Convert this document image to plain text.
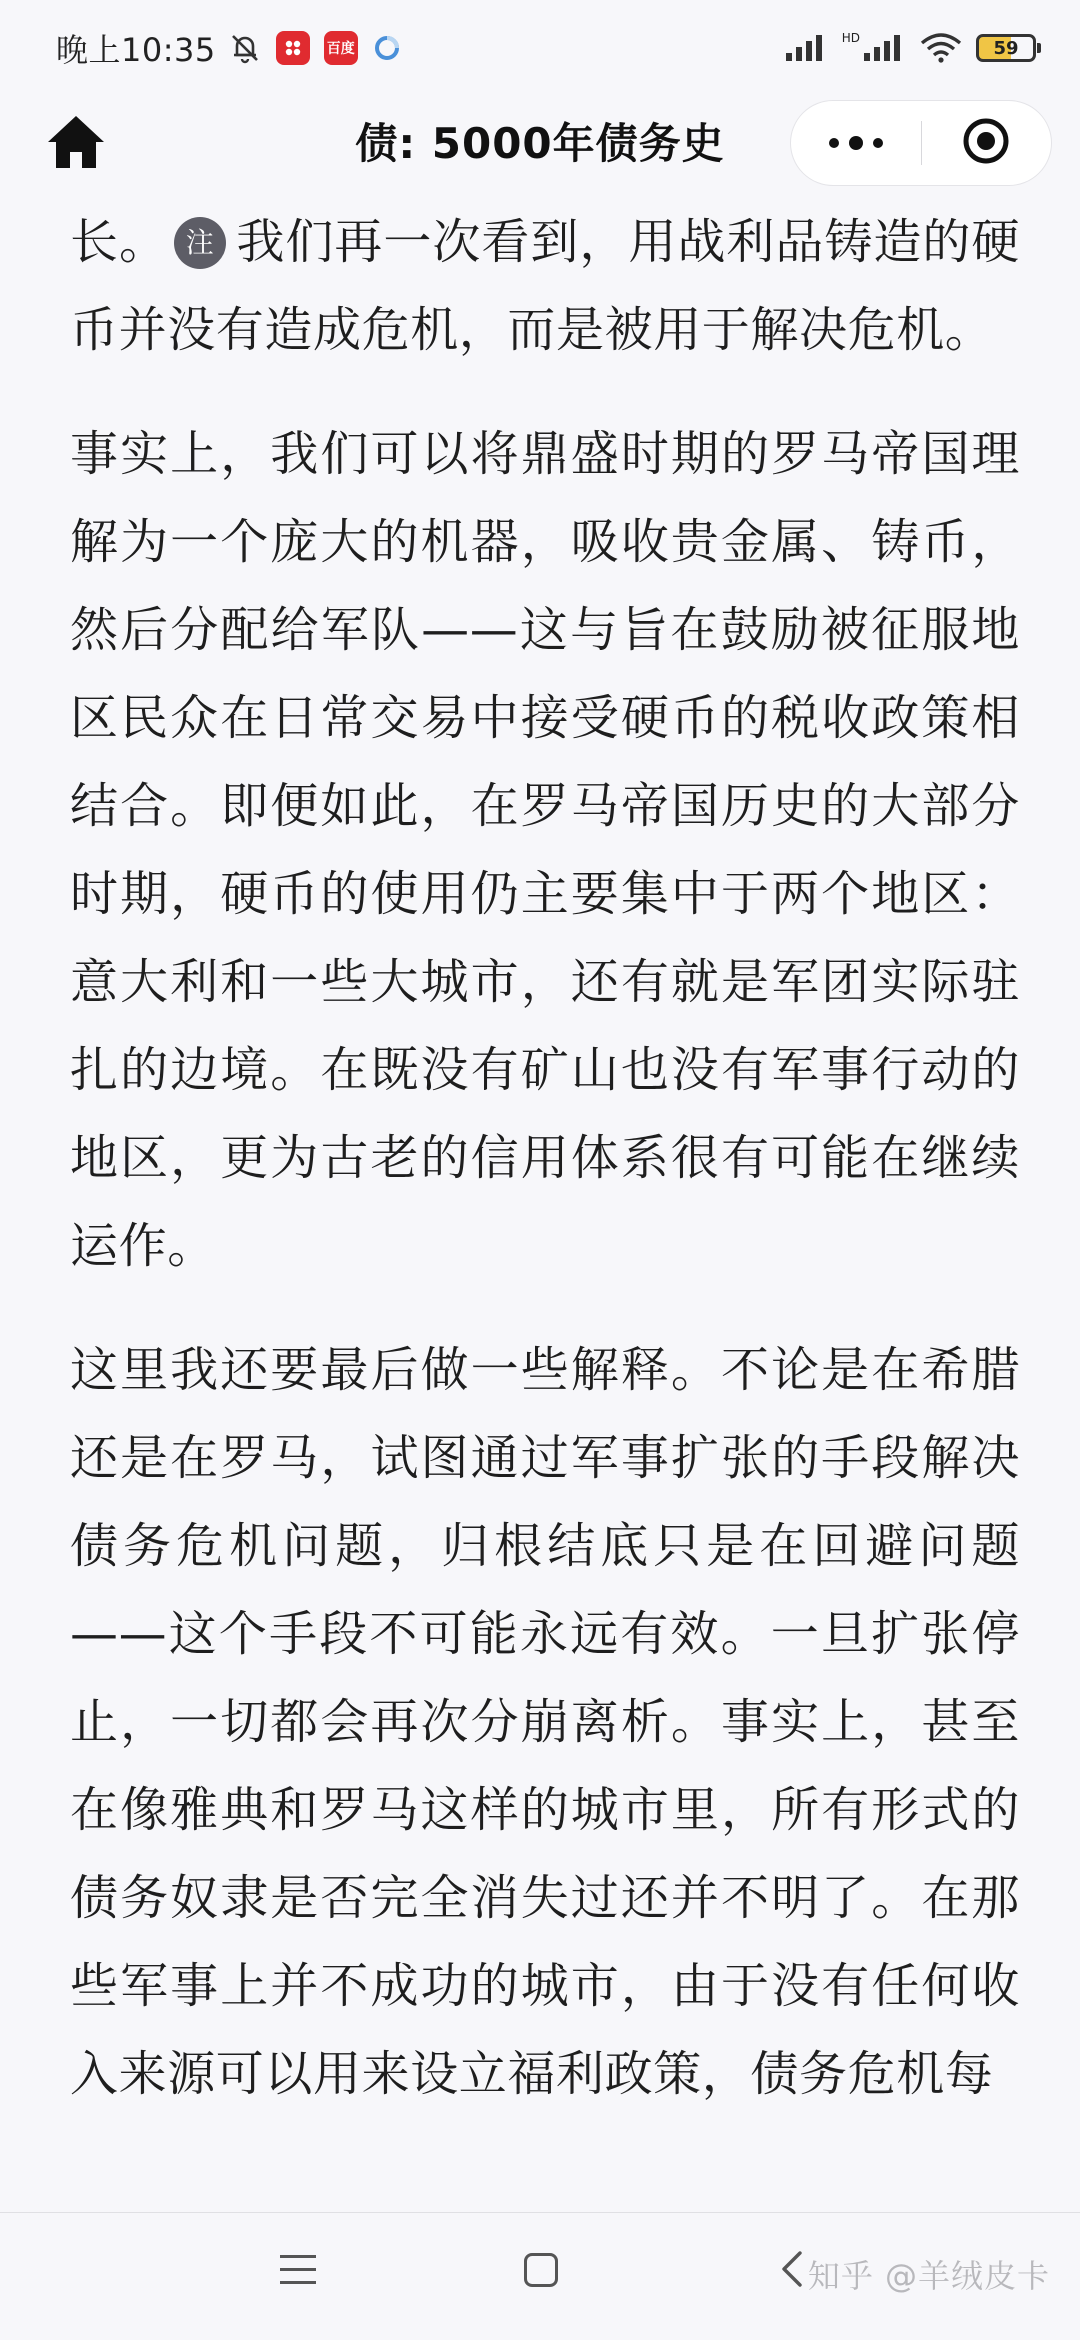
晚上10:35	百度
HD	59
债: 5000年债务史

长。 注 我们再一次看到，用战利品铸造的硬币并没有造成危机，而是被用于解决危机。

事实上，我们可以将鼎盛时期的罗马帝国理解为一个庞大的机器，吸收贵金属、铸币，然后分配给军队——这与旨在鼓励被征服地区民众在日常交易中接受硬币的税收政策相结合。即便如此，在罗马帝国历史的大部分时期，硬币的使用仍主要集中于两个地区：意大利和一些大城市，还有就是军团实际驻扎的边境。在既没有矿山也没有军事行动的地区，更为古老的信用体系很有可能在继续运作。

这里我还要最后做一些解释。不论是在希腊还是在罗马，试图通过军事扩张的手段解决债务危机问题，归根结底只是在回避问题——这个手段不可能永远有效。一旦扩张停止，一切都会再次分崩离析。事实上，甚至在像雅典和罗马这样的城市里，所有形式的债务奴隶是否完全消失过还并不明了。在那些军事上并不成功的城市，由于没有任何收入来源可以用来设立福利政策，债务危机每

知乎 @羊绒皮卡
